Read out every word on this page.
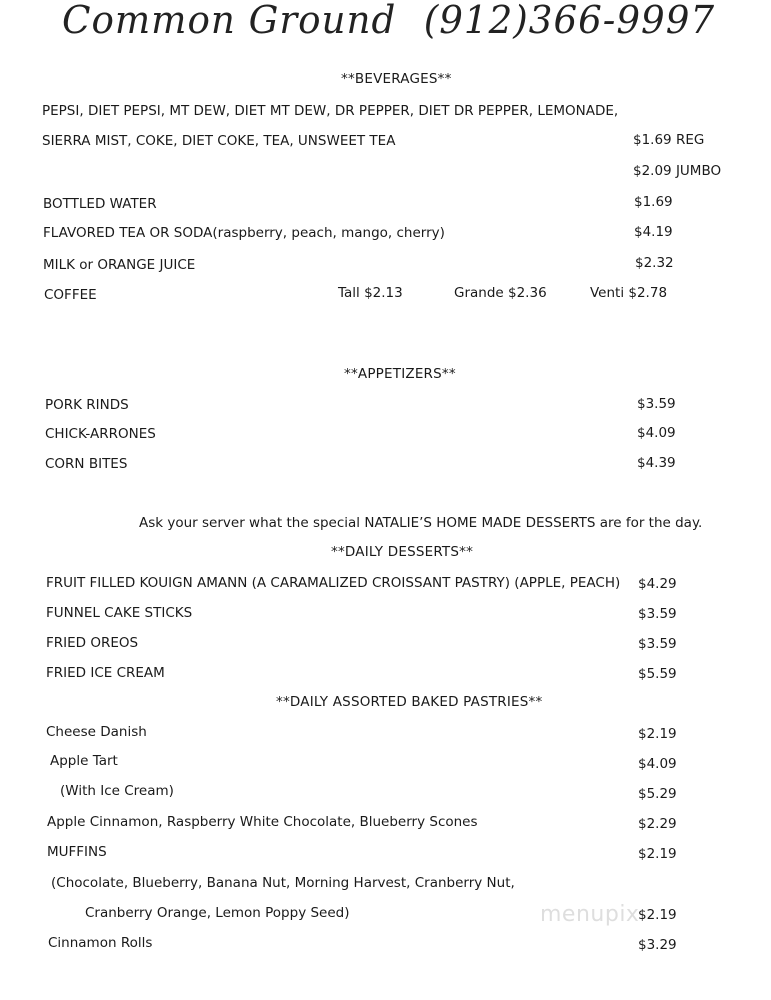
Common Ground (912)366-9997
**BEVERAGES**
PEPSI, DIET PEPSI, MT DEW, DIET MT DEW, DR PEPPER, DIET DR PEPPER, LEMONADE,
SIERRA MIST, COKE, DIET COKE, TEA, UNSWEET TEA	$1.69 REG
$2.09 JUMBO
BOTTLED WATER	$1.69
FLAVORED TEA OR SODA(raspberry, peach, mango, cherry)	$4.19
MILK or ORANGE JUICE	$2.32
COFFEE	Tall $2.13	Grande $2.36	Venti $2.78
**APPETIZERS**
PORK RINDS	$3.59
CHICK-ARRONES	$4.09
CORN BITES	$4.39
Ask your server what the special NATALIE’S HOME MADE DESSERTS are for the day.
**DAILY DESSERTS**
FRUIT FILLED KOUIGN AMANN (A CARAMALIZED CROISSANT PASTRY) (APPLE, PEACH) $4.29
FUNNEL CAKE STICKS	$3.59
FRIED OREOS	$3.59
FRIED ICE CREAM	$5.59
**DAILY ASSORTED BAKED PASTRIES**
Cheese Danish	$2.19
Apple Tart	$4.09
(With Ice Cream)	$5.29
Apple Cinnamon, Raspberry White Chocolate, Blueberry Scones	$2.29
MUFFINS	$2.19
(Chocolate, Blueberry, Banana Nut, Morning Harvest, Cranberry Nut,
Cranberry Orange, Lemon Poppy Seed)	$2.19
Cinnamon Rolls	$3.29
menupix
